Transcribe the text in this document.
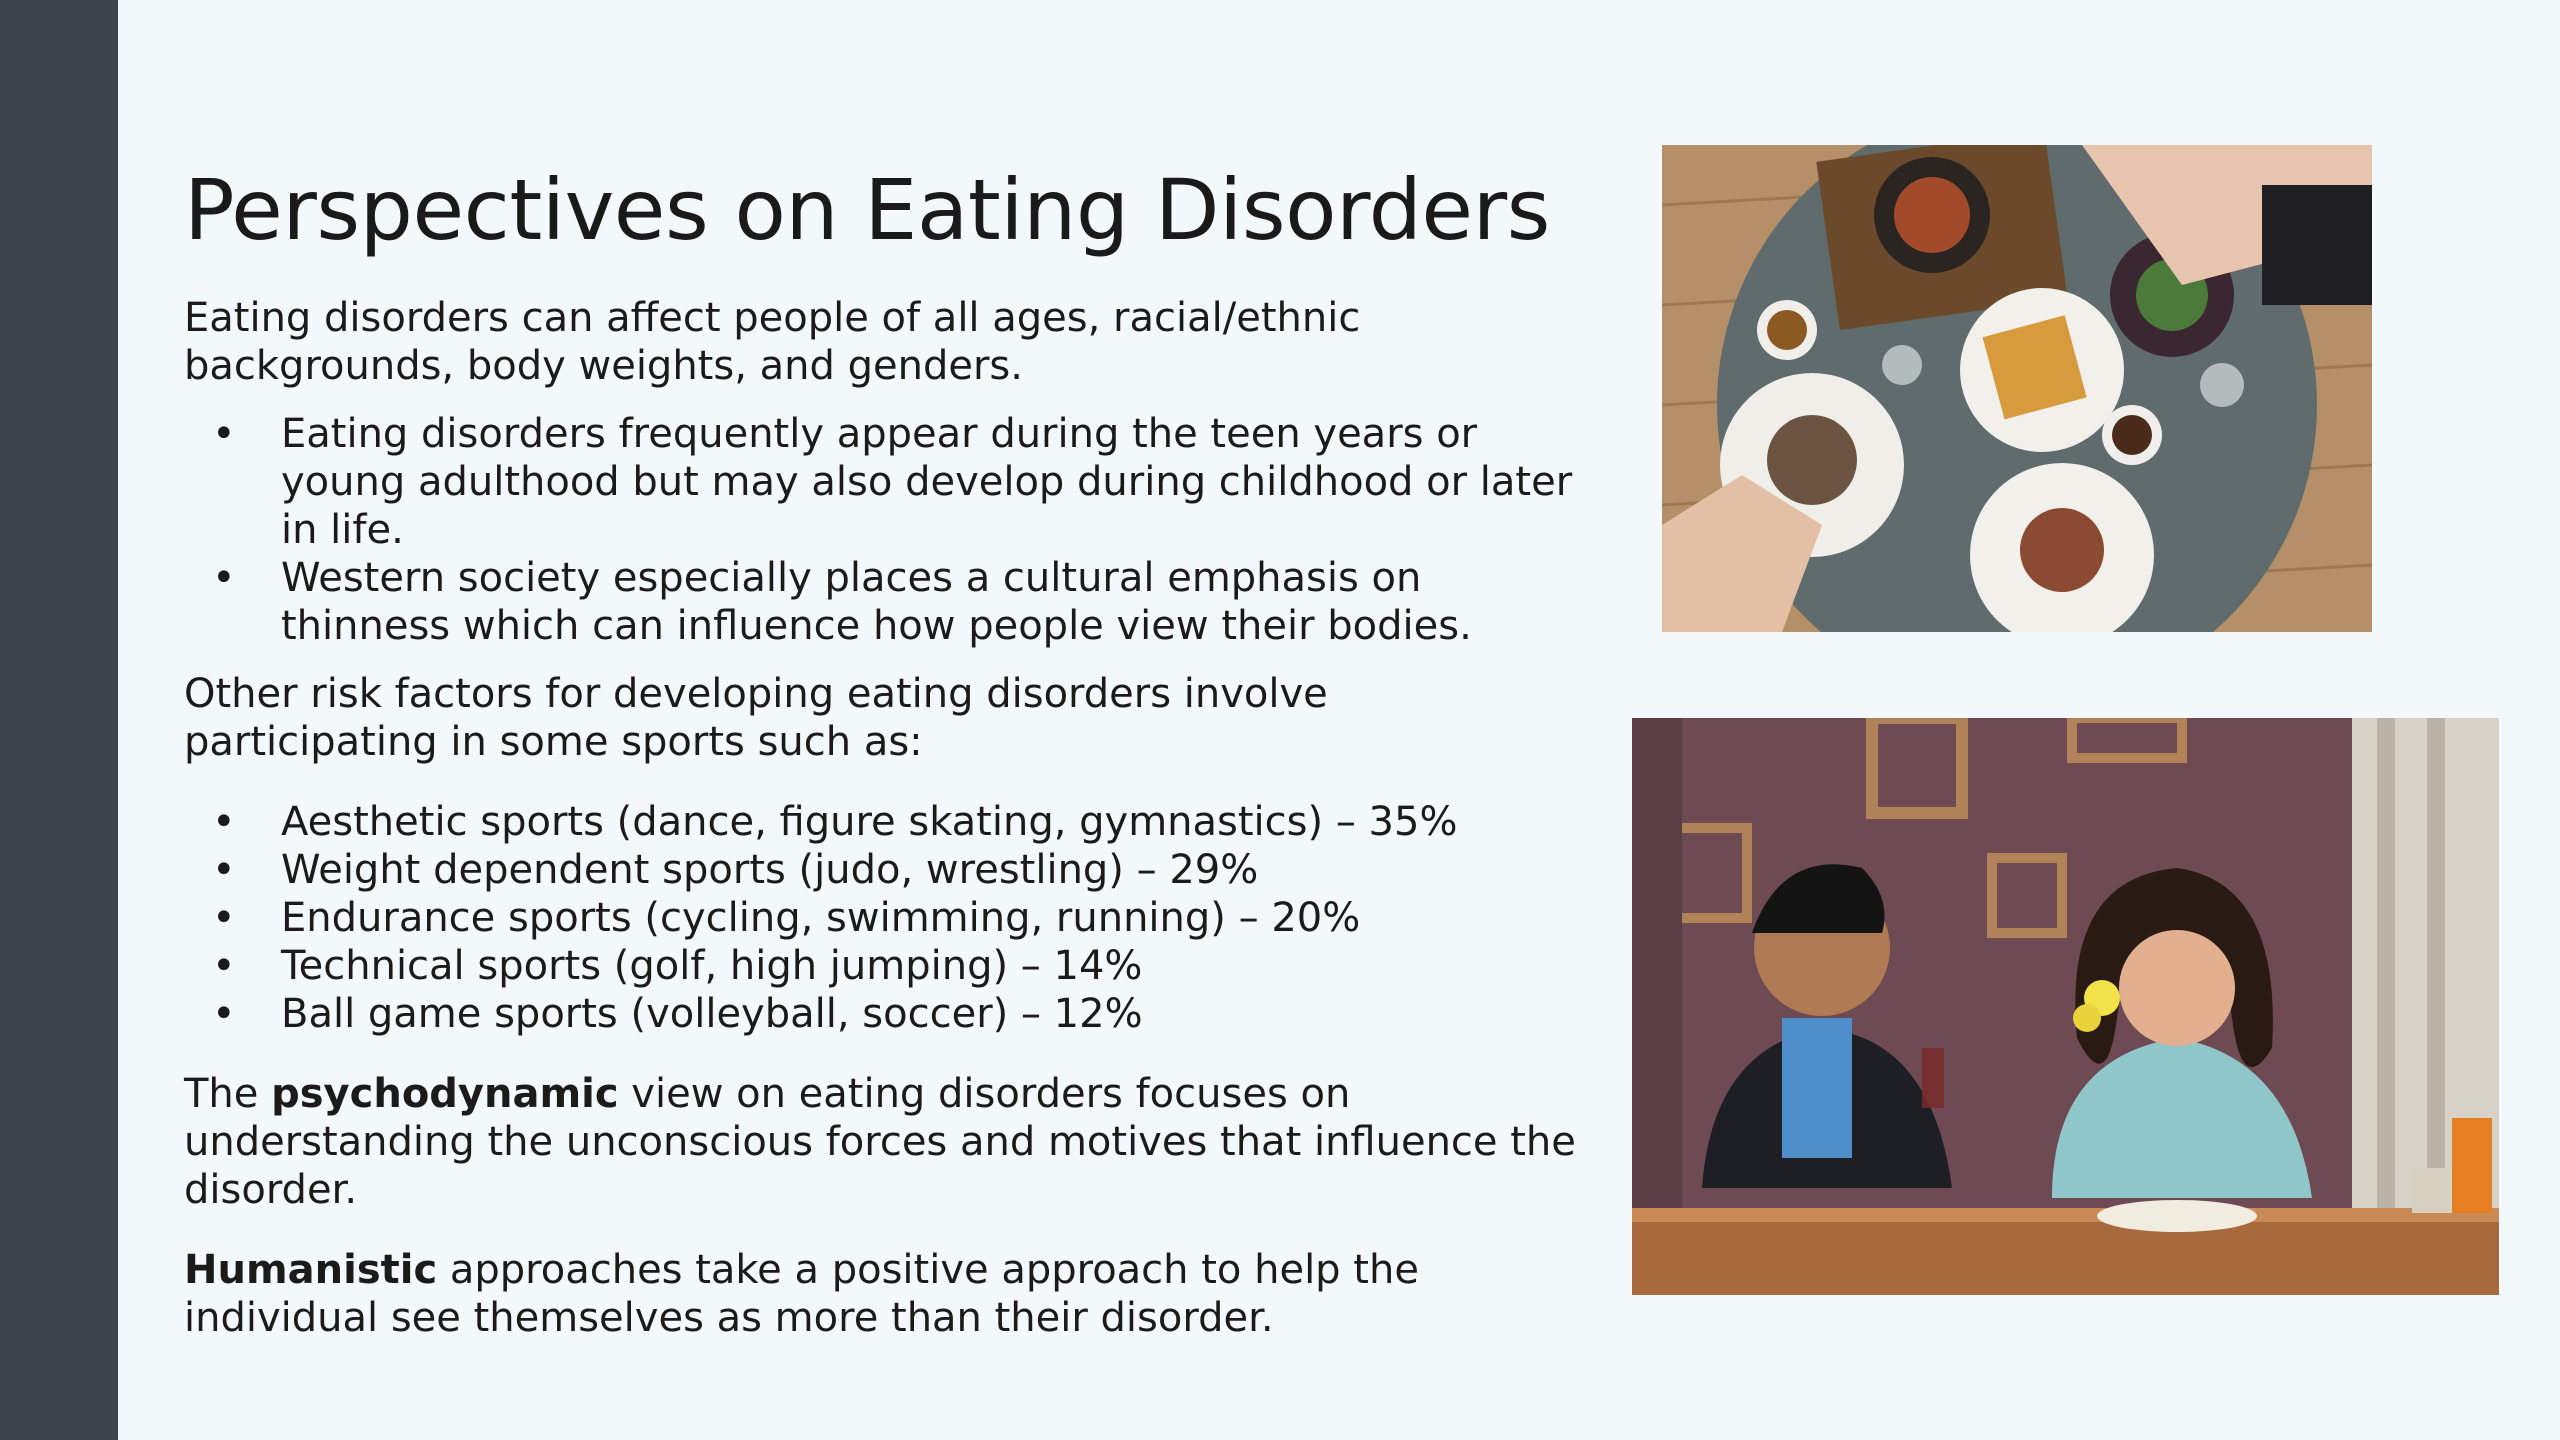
Perspectives on Eating Disorders

Eating disorders can affect people of all ages, racial/ethnic backgrounds, body weights, and genders.

• Eating disorders frequently appear during the teen years or young adulthood but may also develop during childhood or later in life.
• Western society especially places a cultural emphasis on thinness which can influence how people view their bodies.

Other risk factors for developing eating disorders involve participating in some sports such as:

• Aesthetic sports (dance, figure skating, gymnastics) – 35%
• Weight dependent sports (judo, wrestling) – 29%
• Endurance sports (cycling, swimming, running) – 20%
• Technical sports (golf, high jumping) – 14%
• Ball game sports (volleyball, soccer) – 12%

The psychodynamic view on eating disorders focuses on understanding the unconscious forces and motives that influence the disorder.

Humanistic approaches take a positive approach to help the individual see themselves as more than their disorder.
